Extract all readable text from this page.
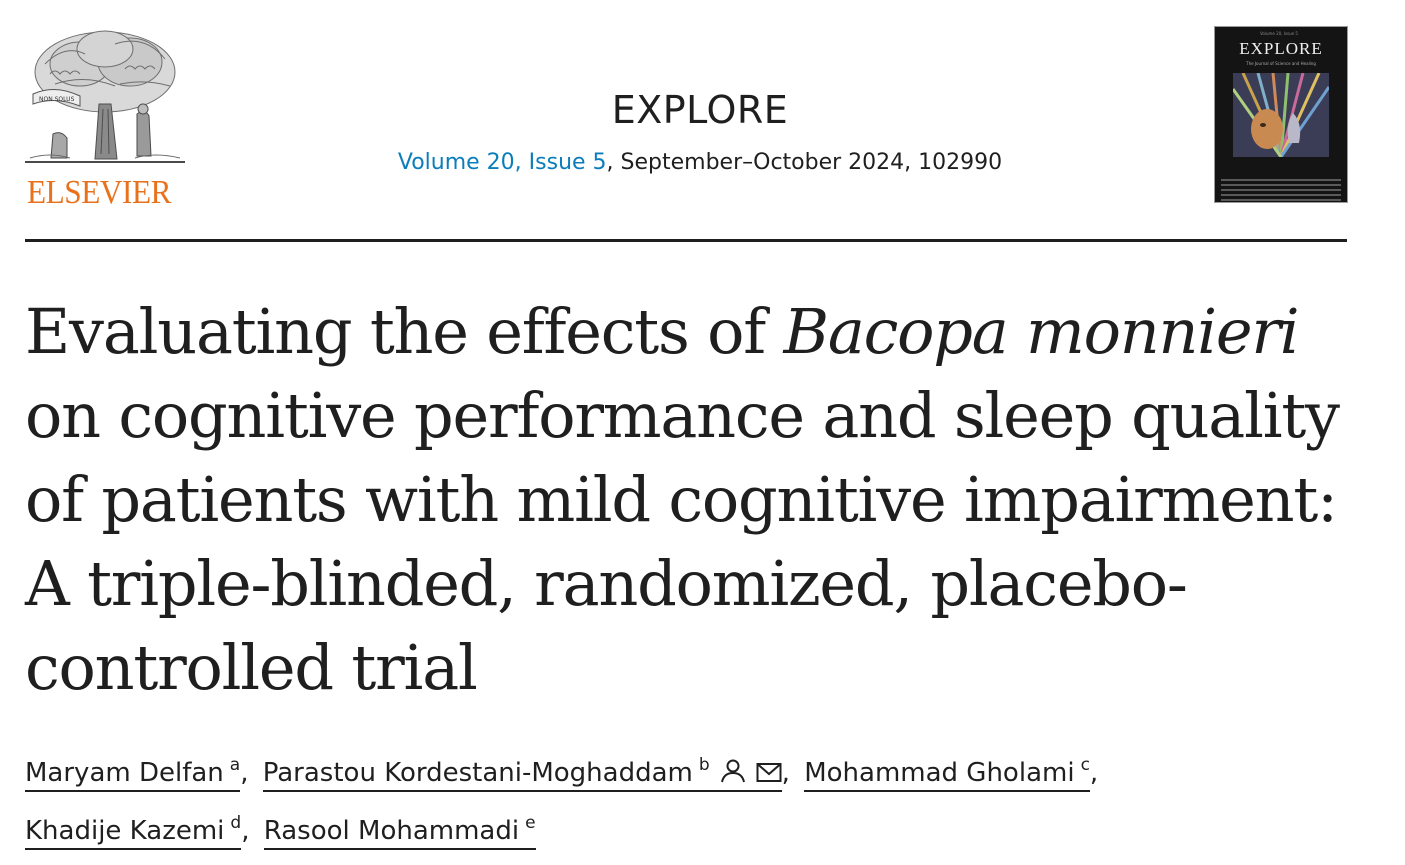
NON SOLUS
ELSEVIER
EXPLORE
Volume 20, Issue 5, September–October 2024, 102990
Volume 20, Issue 5
EXPLORE
The Journal of Science and Healing
Evaluating the effects of Bacopa monnieri on cognitive performance and sleep quality of patients with mild cognitive impairment: A triple-blinded, randomized, placebo-controlled trial
Maryam Delfan $^a$, Parastou Kordestani-Moghaddam $^b$	, Mohammad Gholami $^c$,
Khadije Kazemi $^d$, Rasool Mohammadi $^e$
